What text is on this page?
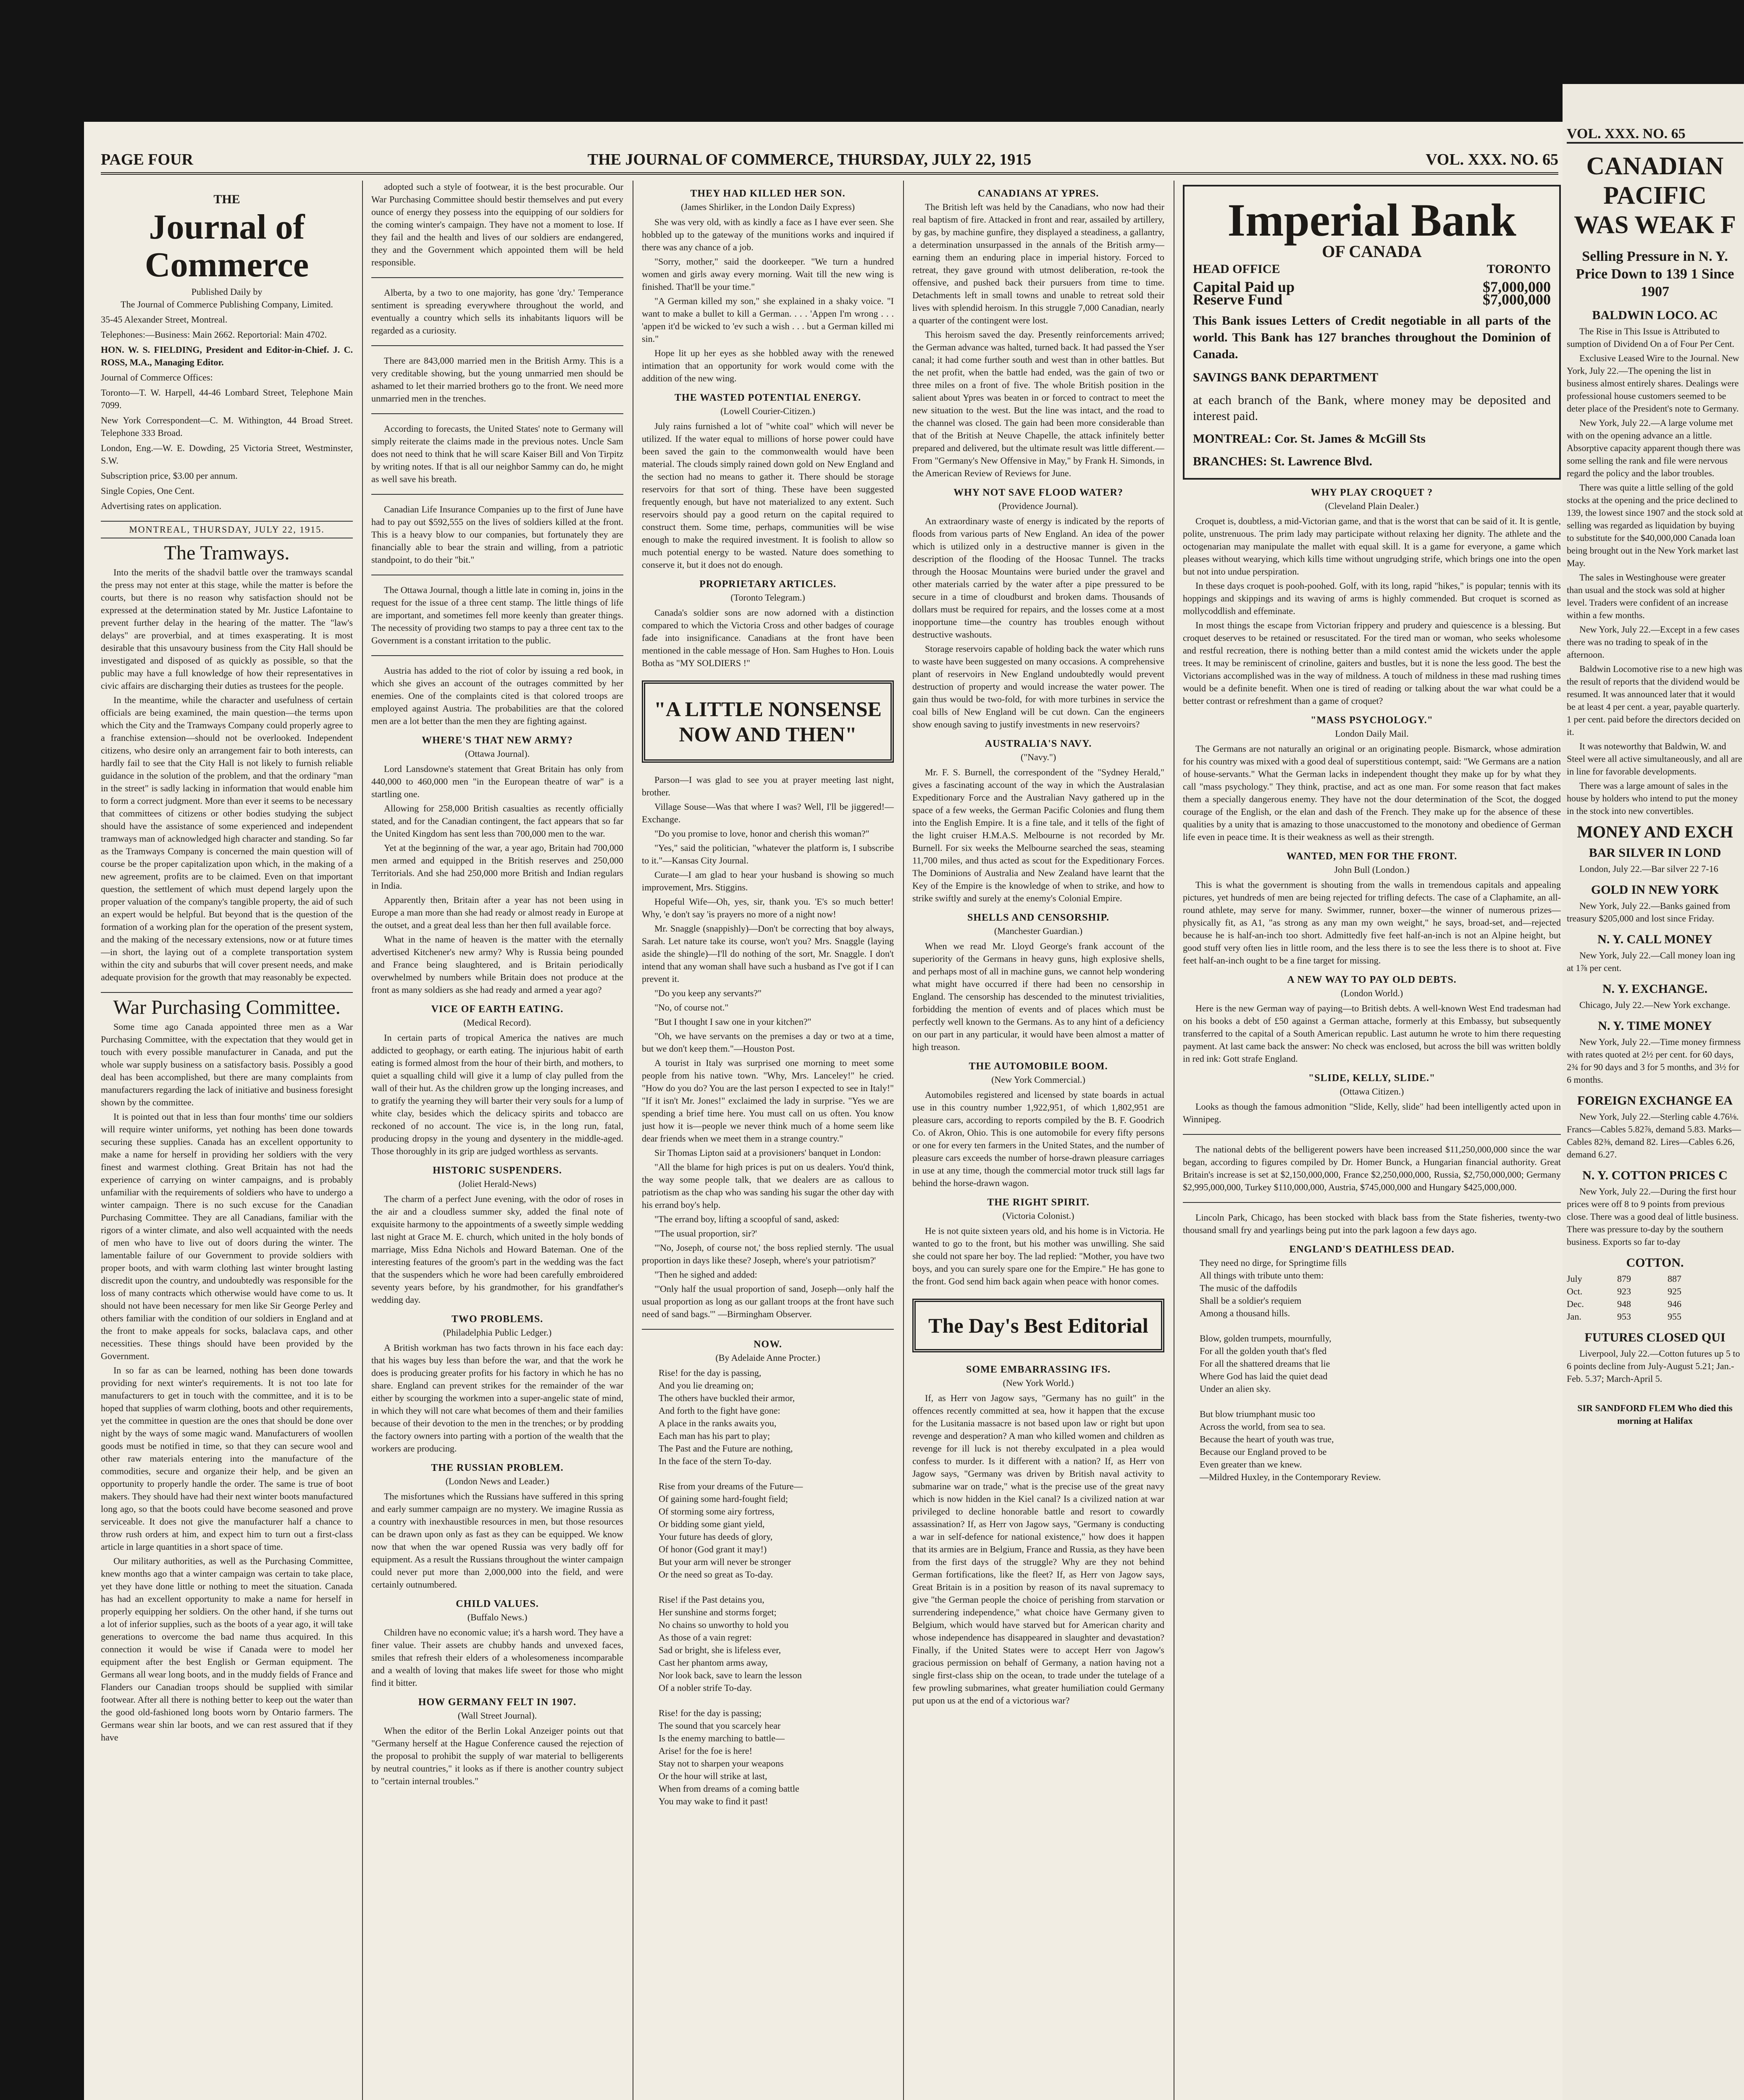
PAGE FOUR	THE JOURNAL OF COMMERCE, THURSDAY, JULY 22, 1915	VOL. XXX. NO. 65
THE
Journal of Commerce
Published Daily by
The Journal of Commerce Publishing Company, Limited.
35-45 Alexander Street, Montreal.
Telephones:—Business: Main 2662. Reportorial: Main 4702.
HON. W. S. FIELDING, President and Editor-in-Chief. J. C. ROSS, M.A., Managing Editor.
Journal of Commerce Offices:
Toronto—T. W. Harpell, 44-46 Lombard Street, Telephone Main 7099.
New York Correspondent—C. M. Withington, 44 Broad Street. Telephone 333 Broad.
London, Eng.—W. E. Dowding, 25 Victoria Street, Westminster, S.W.
Subscription price, $3.00 per annum.
Single Copies, One Cent.
Advertising rates on application.
MONTREAL, THURSDAY, JULY 22, 1915.
The Tramways.

Into the merits of the shadvil battle over the tramways scandal the press may not enter at this stage, while the matter is before the courts, but there is no reason why satisfaction should not be expressed at the determination stated by Mr. Justice Lafontaine to prevent further delay in the hearing of the matter. The "law's delays" are proverbial, and at times exasperating. It is most desirable that this unsavoury business from the City Hall should be investigated and disposed of as quickly as possible, so that the public may have a full knowledge of how their representatives in civic affairs are discharging their duties as trustees for the people.

In the meantime, while the character and usefulness of certain officials are being examined, the main question—the terms upon which the City and the Tramways Company could properly agree to a franchise extension—should not be overlooked. Independent citizens, who desire only an arrangement fair to both interests, can hardly fail to see that the City Hall is not likely to furnish reliable guidance in the solution of the problem, and that the ordinary "man in the street" is sadly lacking in information that would enable him to form a correct judgment. More than ever it seems to be necessary that committees of citizens or other bodies studying the subject should have the assistance of some experienced and independent tramways man of acknowledged high character and standing. So far as the Tramways Company is concerned the main question will of course be the proper capitalization upon which, in the making of a new agreement, profits are to be claimed. Even on that important question, the settlement of which must depend largely upon the proper valuation of the company's tangible property, the aid of such an expert would be helpful. But beyond that is the question of the formation of a working plan for the operation of the present system, and the making of the necessary extensions, now or at future times—in short, the laying out of a complete transportation system within the city and suburbs that will cover present needs, and make adequate provision for the growth that may reasonably be expected.

War Purchasing Committee.

Some time ago Canada appointed three men as a War Purchasing Committee, with the expectation that they would get in touch with every possible manufacturer in Canada, and put the whole war supply business on a satisfactory basis. Possibly a good deal has been accomplished, but there are many complaints from manufacturers regarding the lack of initiative and business foresight shown by the committee.

It is pointed out that in less than four months' time our soldiers will require winter uniforms, yet nothing has been done towards securing these supplies. Canada has an excellent opportunity to make a name for herself in providing her soldiers with the very finest and warmest clothing. Great Britain has not had the experience of carrying on winter campaigns, and is probably unfamiliar with the requirements of soldiers who have to undergo a winter campaign. There is no such excuse for the Canadian Purchasing Committee. They are all Canadians, familiar with the rigors of a winter climate, and also well acquainted with the needs of men who have to live out of doors during the winter. The lamentable failure of our Government to provide soldiers with proper boots, and with warm clothing last winter brought lasting discredit upon the country, and undoubtedly was responsible for the loss of many contracts which otherwise would have come to us. It should not have been necessary for men like Sir George Perley and others familiar with the condition of our soldiers in England and at the front to make appeals for socks, balaclava caps, and other necessities. These things should have been provided by the Government.

In so far as can be learned, nothing has been done towards providing for next winter's requirements. It is not too late for manufacturers to get in touch with the committee, and it is to be hoped that supplies of warm clothing, boots and other requirements, yet the committee in question are the ones that should be done over night by the ways of some magic wand. Manufacturers of woollen goods must be notified in time, so that they can secure wool and other raw materials entering into the manufacture of the commodities, secure and organize their help, and be given an opportunity to properly handle the order. The same is true of boot makers. They should have had their next winter boots manufactured long ago, so that the boots could have become seasoned and prove serviceable. It does not give the manufacturer half a chance to throw rush orders at him, and expect him to turn out a first-class article in large quantities in a short space of time.

Our military authorities, as well as the Purchasing Committee, knew months ago that a winter campaign was certain to take place, yet they have done little or nothing to meet the situation. Canada has had an excellent opportunity to make a name for herself in properly equipping her soldiers. On the other hand, if she turns out a lot of inferior supplies, such as the boots of a year ago, it will take generations to overcome the bad name thus acquired. In this connection it would be wise if Canada were to model her equipment after the best English or German equipment. The Germans all wear long boots, and in the muddy fields of France and Flanders our Canadian troops should be supplied with similar footwear. After all there is nothing better to keep out the water than the good old-fashioned long boots worn by Ontario farmers. The Germans wear shin lar boots, and we can rest assured that if they have

adopted such a style of footwear, it is the best procurable. Our War Purchasing Committee should bestir themselves and put every ounce of energy they possess into the equipping of our soldiers for the coming winter's campaign. They have not a moment to lose. If they fail and the health and lives of our soldiers are endangered, they and the Government which appointed them will be held responsible.

Alberta, by a two to one majority, has gone 'dry.' Temperance sentiment is spreading everywhere throughout the world, and eventually a country which sells its inhabitants liquors will be regarded as a curiosity.

There are 843,000 married men in the British Army. This is a very creditable showing, but the young unmarried men should be ashamed to let their married brothers go to the front. We need more unmarried men in the trenches.

According to forecasts, the United States' note to Germany will simply reiterate the claims made in the previous notes. Uncle Sam does not need to think that he will scare Kaiser Bill and Von Tirpitz by writing notes. If that is all our neighbor Sammy can do, he might as well save his breath.

Canadian Life Insurance Companies up to the first of June have had to pay out $592,555 on the lives of soldiers killed at the front. This is a heavy blow to our companies, but fortunately they are financially able to bear the strain and willing, from a patriotic standpoint, to do their "bit."

The Ottawa Journal, though a little late in coming in, joins in the request for the issue of a three cent stamp. The little things of life are important, and sometimes fell more keenly than greater things. The necessity of providing two stamps to pay a three cent tax to the Government is a constant irritation to the public.

Austria has added to the riot of color by issuing a red book, in which she gives an account of the outrages committed by her enemies. One of the complaints cited is that colored troops are employed against Austria. The probabilities are that the colored men are a lot better than the men they are fighting against.

WHERE'S THAT NEW ARMY?
(Ottawa Journal).

Lord Lansdowne's statement that Great Britain has only from 440,000 to 460,000 men "in the European theatre of war" is a startling one.

Allowing for 258,000 British casualties as recently officially stated, and for the Canadian contingent, the fact appears that so far the United Kingdom has sent less than 700,000 men to the war.

Yet at the beginning of the war, a year ago, Britain had 700,000 men armed and equipped in the British reserves and 250,000 Territorials. And she had 250,000 more British and Indian regulars in India.

Apparently then, Britain after a year has not been using in Europe a man more than she had ready or almost ready in Europe at the outset, and a great deal less than her then full available force.

What in the name of heaven is the matter with the eternally advertised Kitchener's new army? Why is Russia being pounded and France being slaughtered, and is Britain periodically overwhelmed by numbers while Britain does not produce at the front as many soldiers as she had ready and armed a year ago?

VICE OF EARTH EATING.
(Medical Record).

In certain parts of tropical America the natives are much addicted to geophagy, or earth eating. The injurious habit of earth eating is formed almost from the hour of their birth, and mothers, to quiet a squalling child will give it a lump of clay pulled from the wall of their hut. As the children grow up the longing increases, and to gratify the yearning they will barter their very souls for a lump of white clay, besides which the delicacy spirits and tobacco are reckoned of no account. The vice is, in the long run, fatal, producing dropsy in the young and dysentery in the middle-aged. Those thoroughly in its grip are judged worthless as servants.

HISTORIC SUSPENDERS.
(Joliet Herald-News)

The charm of a perfect June evening, with the odor of roses in the air and a cloudless summer sky, added the final note of exquisite harmony to the appointments of a sweetly simple wedding last night at Grace M. E. church, which united in the holy bonds of marriage, Miss Edna Nichols and Howard Bateman. One of the interesting features of the groom's part in the wedding was the fact that the suspenders which he wore had been carefully embroidered seventy years before, by his grandmother, for his grandfather's wedding day.

TWO PROBLEMS.
(Philadelphia Public Ledger.)

A British workman has two facts thrown in his face each day: that his wages buy less than before the war, and that the work he does is producing greater profits for his factory in which he has no share. England can prevent strikes for the remainder of the war either by scourging the workmen into a super-angelic state of mind, in which they will not care what becomes of them and their families because of their devotion to the men in the trenches; or by prodding the factory owners into parting with a portion of the wealth that the workers are producing.

THE RUSSIAN PROBLEM.
(London News and Leader.)

The misfortunes which the Russians have suffered in this spring and early summer campaign are no mystery. We imagine Russia as a country with inexhaustible resources in men, but those resources can be drawn upon only as fast as they can be equipped. We know now that when the war opened Russia was very badly off for equipment. As a result the Russians throughout the winter campaign could never put more than 2,000,000 into the field, and were certainly outnumbered.

CHILD VALUES.
(Buffalo News.)

Children have no economic value; it's a harsh word. They have a finer value. Their assets are chubby hands and unvexed faces, smiles that refresh their elders of a wholesomeness incomparable and a wealth of loving that makes life sweet for those who might find it bitter.

HOW GERMANY FELT IN 1907.
(Wall Street Journal).

When the editor of the Berlin Lokal Anzeiger points out that "Germany herself at the Hague Conference caused the rejection of the proposal to prohibit the supply of war material to belligerents by neutral countries," it looks as if there is another country subject to "certain internal troubles."

THEY HAD KILLED HER SON.
(James Shirliker, in the London Daily Express)

She was very old, with as kindly a face as I have ever seen. She hobbled up to the gateway of the munitions works and inquired if there was any chance of a job.

"Sorry, mother," said the doorkeeper. "We turn a hundred women and girls away every morning. Wait till the new wing is finished. That'll be your time."

"A German killed my son," she explained in a shaky voice. "I want to make a bullet to kill a German. . . . 'Appen I'm wrong . . . 'appen it'd be wicked to 'ev such a wish . . . but a German killed mi sin."

Hope lit up her eyes as she hobbled away with the renewed intimation that an opportunity for work would come with the addition of the new wing.

THE WASTED POTENTIAL ENERGY.
(Lowell Courier-Citizen.)

July rains furnished a lot of "white coal" which will never be utilized. If the water equal to millions of horse power could have been saved the gain to the commonwealth would have been material. The clouds simply rained down gold on New England and the section had no means to gather it. There should be storage reservoirs for that sort of thing. These have been suggested frequently enough, but have not materialized to any extent. Such reservoirs should pay a good return on the capital required to construct them. Some time, perhaps, communities will be wise enough to make the required investment. It is foolish to allow so much potential energy to be wasted. Nature does something to conserve it, but it does not do enough.

PROPRIETARY ARTICLES.
(Toronto Telegram.)

Canada's soldier sons are now adorned with a distinction compared to which the Victoria Cross and other badges of courage fade into insignificance. Canadians at the front have been mentioned in the cable message of Hon. Sam Hughes to Hon. Louis Botha as "MY SOLDIERS !"

"A LITTLE NONSENSE NOW AND THEN"

Parson—I was glad to see you at prayer meeting last night, brother.

Village Souse—Was that where I was? Well, I'll be jiggered!—Exchange.

"Do you promise to love, honor and cherish this woman?"

"Yes," said the politician, "whatever the platform is, I subscribe to it."—Kansas City Journal.

Curate—I am glad to hear your husband is showing so much improvement, Mrs. Stiggins.

Hopeful Wife—Oh, yes, sir, thank you. 'E's so much better! Why, 'e don't say 'is prayers no more of a night now!

Mr. Snaggle (snappishly)—Don't be correcting that boy always, Sarah. Let nature take its course, won't you? Mrs. Snaggle (laying aside the shingle)—I'll do nothing of the sort, Mr. Snaggle. I don't intend that any woman shall have such a husband as I've got if I can prevent it.

"Do you keep any servants?"

"No, of course not."

"But I thought I saw one in your kitchen?"

"Oh, we have servants on the premises a day or two at a time, but we don't keep them."—Houston Post.

A tourist in Italy was surprised one morning to meet some people from his native town. "Why, Mrs. Lanceley!" he cried. "How do you do? You are the last person I expected to see in Italy!" "If it isn't Mr. Jones!" exclaimed the lady in surprise. "Yes we are spending a brief time here. You must call on us often. You know just how it is—people we never think much of a home seem like dear friends when we meet them in a strange country."

Sir Thomas Lipton said at a provisioners' banquet in London:

"All the blame for high prices is put on us dealers. You'd think, the way some people talk, that we dealers are as callous to patriotism as the chap who was sanding his sugar the other day with his errand boy's help.

"The errand boy, lifting a scoopful of sand, asked:

"'The usual proportion, sir?'

"'No, Joseph, of course not,' the boss replied sternly. 'The usual proportion in days like these? Joseph, where's your patriotism?'

"Then he sighed and added:

"'Only half the usual proportion of sand, Joseph—only half the usual proportion as long as our gallant troops at the front have such need of sand bags.'" —Birmingham Observer.

NOW.
(By Adelaide Anne Procter.)

Rise! for the day is passing,

And you lie dreaming on;

The others have buckled their armor,

And forth to the fight have gone:

A place in the ranks awaits you,

Each man has his part to play;

The Past and the Future are nothing,

In the face of the stern To-day.

Rise from your dreams of the Future—

Of gaining some hard-fought field;

Of storming some airy fortress,

Or bidding some giant yield,

Your future has deeds of glory,

Of honor (God grant it may!)

But your arm will never be stronger

Or the need so great as To-day.

Rise! if the Past detains you,

Her sunshine and storms forget;

No chains so unworthy to hold you

As those of a vain regret:

Sad or bright, she is lifeless ever,

Cast her phantom arms away,

Nor look back, save to learn the lesson

Of a nobler strife To-day.

Rise! for the day is passing;

The sound that you scarcely hear

Is the enemy marching to battle—

Arise! for the foe is here!

Stay not to sharpen your weapons

Or the hour will strike at last,

When from dreams of a coming battle

You may wake to find it past!

CANADIANS AT YPRES.

The British left was held by the Canadians, who now had their real baptism of fire. Attacked in front and rear, assailed by artillery, by gas, by machine gunfire, they displayed a steadiness, a gallantry, a determination unsurpassed in the annals of the British army—earning them an enduring place in imperial history. Forced to retreat, they gave ground with utmost deliberation, re-took the offensive, and pushed back their pursuers from time to time. Detachments left in small towns and unable to retreat sold their lives with splendid heroism. In this struggle 7,000 Canadian, nearly a quarter of the contingent were lost.

This heroism saved the day. Presently reinforcements arrived; the German advance was halted, turned back. It had passed the Yser canal; it had come further south and west than in other battles. But the net profit, when the battle had ended, was the gain of two or three miles on a front of five. The whole British position in the salient about Ypres was beaten in or forced to contract to meet the new situation to the west. But the line was intact, and the road to the channel was closed. The gain had been more considerable than that of the British at Neuve Chapelle, the attack infinitely better prepared and delivered, but the ultimate result was little different.—From "Germany's New Offensive in May," by Frank H. Simonds, in the American Review of Reviews for June.

WHY NOT SAVE FLOOD WATER?
(Providence Journal).

An extraordinary waste of energy is indicated by the reports of floods from various parts of New England. An idea of the power which is utilized only in a destructive manner is given in the description of the flooding of the Hoosac Tunnel. The tracks through the Hoosac Mountains were buried under the gravel and other materials carried by the water after a pipe pressured to be secure in a time of cloudburst and broken dams. Thousands of dollars must be required for repairs, and the losses come at a most inopportune time—the country has troubles enough without destructive washouts.

Storage reservoirs capable of holding back the water which runs to waste have been suggested on many occasions. A comprehensive plant of reservoirs in New England undoubtedly would prevent destruction of property and would increase the water power. The gain thus would be two-fold, for with more turbines in service the coal bills of New England will be cut down. Can the engineers show enough saving to justify investments in new reservoirs?

AUSTRALIA'S NAVY.
("Navy.")

Mr. F. S. Burnell, the correspondent of the "Sydney Herald," gives a fascinating account of the way in which the Australasian Expeditionary Force and the Australian Navy gathered up in the space of a few weeks, the German Pacific Colonies and flung them into the English Empire. It is a fine tale, and it tells of the fight of the light cruiser H.M.A.S. Melbourne is not recorded by Mr. Burnell. For six weeks the Melbourne searched the seas, steaming 11,700 miles, and thus acted as scout for the Expeditionary Forces. The Dominions of Australia and New Zealand have learnt that the Key of the Empire is the knowledge of when to strike, and how to strike swiftly and surely at the enemy's Colonial Empire.

SHELLS AND CENSORSHIP.
(Manchester Guardian.)

When we read Mr. Lloyd George's frank account of the superiority of the Germans in heavy guns, high explosive shells, and perhaps most of all in machine guns, we cannot help wondering what might have occurred if there had been no censorship in England. The censorship has descended to the minutest trivialities, forbidding the mention of events and of places which must be perfectly well known to the Germans. As to any hint of a deficiency on our part in any particular, it would have been almost a matter of high treason.

THE AUTOMOBILE BOOM.
(New York Commercial.)

Automobiles registered and licensed by state boards in actual use in this country number 1,922,951, of which 1,802,951 are pleasure cars, according to reports compiled by the B. F. Goodrich Co. of Akron, Ohio. This is one automobile for every fifty persons or one for every ten farmers in the United States, and the number of pleasure cars exceeds the number of horse-drawn pleasure carriages in use at any time, though the commercial motor truck still lags far behind the horse-drawn wagon.

THE RIGHT SPIRIT.
(Victoria Colonist.)

He is not quite sixteen years old, and his home is in Victoria. He wanted to go to the front, but his mother was unwilling. She said she could not spare her boy. The lad replied: "Mother, you have two boys, and you can surely spare one for the Empire." He has gone to the front. God send him back again when peace with honor comes.

The Day's Best Editorial
SOME EMBARRASSING IFS.
(New York World.)

If, as Herr von Jagow says, "Germany has no guilt" in the offences recently committed at sea, how it happen that the excuse for the Lusitania massacre is not based upon law or right but upon revenge and desperation? A man who killed women and children as revenge for ill luck is not thereby exculpated in a plea would confess to murder. Is it different with a nation? If, as Herr von Jagow says, "Germany was driven by British naval activity to submarine war on trade," what is the precise use of the great navy which is now hidden in the Kiel canal? Is a civilized nation at war privileged to decline honorable battle and resort to cowardly assassination? If, as Herr von Jagow says, "Germany is conducting a war in self-defence for national existence," how does it happen that its armies are in Belgium, France and Russia, as they have been from the first days of the struggle? Why are they not behind German fortifications, like the fleet? If, as Herr von Jagow says, Great Britain is in a position by reason of its naval supremacy to give "the German people the choice of perishing from starvation or surrendering independence," what choice have Germany given to Belgium, which would have starved but for American charity and whose independence has disappeared in slaughter and devastation? Finally, if the United States were to accept Herr von Jagow's gracious permission on behalf of Germany, a nation having not a single first-class ship on the ocean, to trade under the tutelage of a few prowling submarines, what greater humiliation could Germany put upon us at the end of a victorious war?

Imperial Bank
OF CANADA
HEAD OFFICE	TORONTO
Capital Paid up	$7,000,000
Reserve Fund	$7,000,000
This Bank issues Letters of Credit negotiable in all parts of the world. This Bank has 127 branches throughout the Dominion of Canada.
SAVINGS BANK DEPARTMENT
at each branch of the Bank, where money may be deposited and interest paid.
MONTREAL: Cor. St. James & McGill Sts
BRANCHES: St. Lawrence Blvd.
WHY PLAY CROQUET ?
(Cleveland Plain Dealer.)

Croquet is, doubtless, a mid-Victorian game, and that is the worst that can be said of it. It is gentle, polite, unstrenuous. The prim lady may participate without relaxing her dignity. The athlete and the octogenarian may manipulate the mallet with equal skill. It is a game for everyone, a game which pleases without wearying, which kills time without ungrudging strife, which brings one into the open but not into undue perspiration.

In these days croquet is pooh-poohed. Golf, with its long, rapid "hikes," is popular; tennis with its hoppings and skippings and its waving of arms is highly commended. But croquet is scorned as mollycoddlish and effeminate.

In most things the escape from Victorian frippery and prudery and quiescence is a blessing. But croquet deserves to be retained or resuscitated. For the tired man or woman, who seeks wholesome and restful recreation, there is nothing better than a mild contest amid the wickets under the apple trees. It may be reminiscent of crinoline, gaiters and bustles, but it is none the less good. The best the Victorians accomplished was in the way of mildness. A touch of mildness in these mad rushing times would be a definite benefit. When one is tired of reading or talking about the war what could be a better contrast or refreshment than a game of croquet?

"MASS PSYCHOLOGY."
London Daily Mail.

The Germans are not naturally an original or an originating people. Bismarck, whose admiration for his country was mixed with a good deal of superstitious contempt, said: "We Germans are a nation of house-servants." What the German lacks in independent thought they make up for by what they call "mass psychology." They think, practise, and act as one man. For some reason that fact makes them a specially dangerous enemy. They have not the dour determination of the Scot, the dogged courage of the English, or the elan and dash of the French. They make up for the absence of these qualities by a unity that is amazing to those unaccustomed to the monotony and obedience of German life even in peace time. It is their weakness as well as their strength.

WANTED, MEN FOR THE FRONT.
John Bull (London.)

This is what the government is shouting from the walls in tremendous capitals and appealing pictures, yet hundreds of men are being rejected for trifling defects. The case of a Claphamite, an all-round athlete, may serve for many. Swimmer, runner, boxer—the winner of numerous prizes—physically fit, as A1, "as strong as any man my own weight," he says, broad-set, and—rejected because he is half-an-inch too short. Admittedly five feet half-an-inch is not an Alpine height, but good stuff very often lies in little room, and the less there is to see the less there is to shoot at. Five feet half-an-inch ought to be a fine target for missing.

A NEW WAY TO PAY OLD DEBTS.
(London World.)

Here is the new German way of paying—to British debts. A well-known West End tradesman had on his books a debt of £50 against a German attache, formerly at this Embassy, but subsequently transferred to the capital of a South American republic. Last autumn he wrote to him there requesting payment. At last came back the answer: No check was enclosed, but across the bill was written boldly in red ink: Gott strafe England.

"SLIDE, KELLY, SLIDE."
(Ottawa Citizen.)

Looks as though the famous admonition "Slide, Kelly, slide" had been intelligently acted upon in Winnipeg.

The national debts of the belligerent powers have been increased $11,250,000,000 since the war began, according to figures compiled by Dr. Homer Bunck, a Hungarian financial authority. Great Britain's increase is set at $2,150,000,000, France $2,250,000,000, Russia, $2,750,000,000; Germany $2,995,000,000, Turkey $110,000,000, Austria, $745,000,000 and Hungary $425,000,000.

Lincoln Park, Chicago, has been stocked with black bass from the State fisheries, twenty-two thousand small fry and yearlings being put into the park lagoon a few days ago.

ENGLAND'S DEATHLESS DEAD.

They need no dirge, for Springtime fills

All things with tribute unto them:

The music of the daffodils

Shall be a soldier's requiem

Among a thousand hills.

Blow, golden trumpets, mournfully,

For all the golden youth that's fled

For all the shattered dreams that lie

Where God has laid the quiet dead

Under an alien sky.

But blow triumphant music too

Across the world, from sea to sea.

Because the heart of youth was true,

Because our England proved to be

Even greater than we knew.

—Mildred Huxley, in the Contemporary Review.

VOL. XXX. NO. 65
CANADIAN PACIFIC
WAS WEAK F
Selling Pressure in N. Y. Price Down to 139 1 Since 1907
BALDWIN LOCO. AC

The Rise in This Issue is Attributed to sumption of Dividend On a of Four Per Cent.

Exclusive Leased Wire to the Journal. New York, July 22.—The opening the list in business almost entirely shares. Dealings were professional house customers seemed to be deter place of the President's note to Germany.

New York, July 22.—A large volume met with on the opening advance an a little. Absorptive capacity apparent though there was some selling the rank and file were nervous regard the policy and the labor troubles.

There was quite a little selling of the gold stocks at the opening and the price declined to 139, the lowest since 1907 and the stock sold at selling was regarded as liquidation by buying to substitute for the $40,000,000 Canada loan being brought out in the New York market last May.

The sales in Westinghouse were greater than usual and the stock was sold at higher level. Traders were confident of an increase within a few months.

New York, July 22.—Except in a few cases there was no trading to speak of in the afternoon.

Baldwin Locomotive rise to a new high was the result of reports that the dividend would be resumed. It was announced later that it would be at least 4 per cent. a year, payable quarterly. 1 per cent. paid before the directors decided on it.

It was noteworthy that Baldwin, W. and Steel were all active simultaneously, and all are in line for favorable developments.

There was a large amount of sales in the house by holders who intend to put the money in the stock into new convertibles.

MONEY AND EXCH
BAR SILVER IN LOND

London, July 22.—Bar silver 22 7-16

GOLD IN NEW YORK

New York, July 22.—Banks gained from treasury $205,000 and lost since Friday.

N. Y. CALL MONEY

New York, July 22.—Call money loan ing at 1⅞ per cent.

N. Y. EXCHANGE.

Chicago, July 22.—New York exchange.

N. Y. TIME MONEY

New York, July 22.—Time money firmness with rates quoted at 2½ per cent. for 60 days, 2¾ for 90 days and 3 for 5 months, and 3½ for 6 months.

FOREIGN EXCHANGE EA

New York, July 22.—Sterling cable 4.76⅛. Francs—Cables 5.82⅞, demand 5.83. Marks—Cables 82⅜, demand 82. Lires—Cables 6.26, demand 6.27.

N. Y. COTTON PRICES C

New York, July 22.—During the first hour prices were off 8 to 9 points from previous close. There was a good deal of little business. There was pressure to-day by the southern business. Exports so far to-day

COTTON.
July	879	887
Oct.	923	925
Dec.	948	946
Jan.	953	955
FUTURES CLOSED QUI

Liverpool, July 22.—Cotton futures up 5 to 6 points decline from July-August 5.21; Jan.-Feb. 5.37; March-April 5.

SIR SANDFORD FLEM Who died this morning at Halifax
